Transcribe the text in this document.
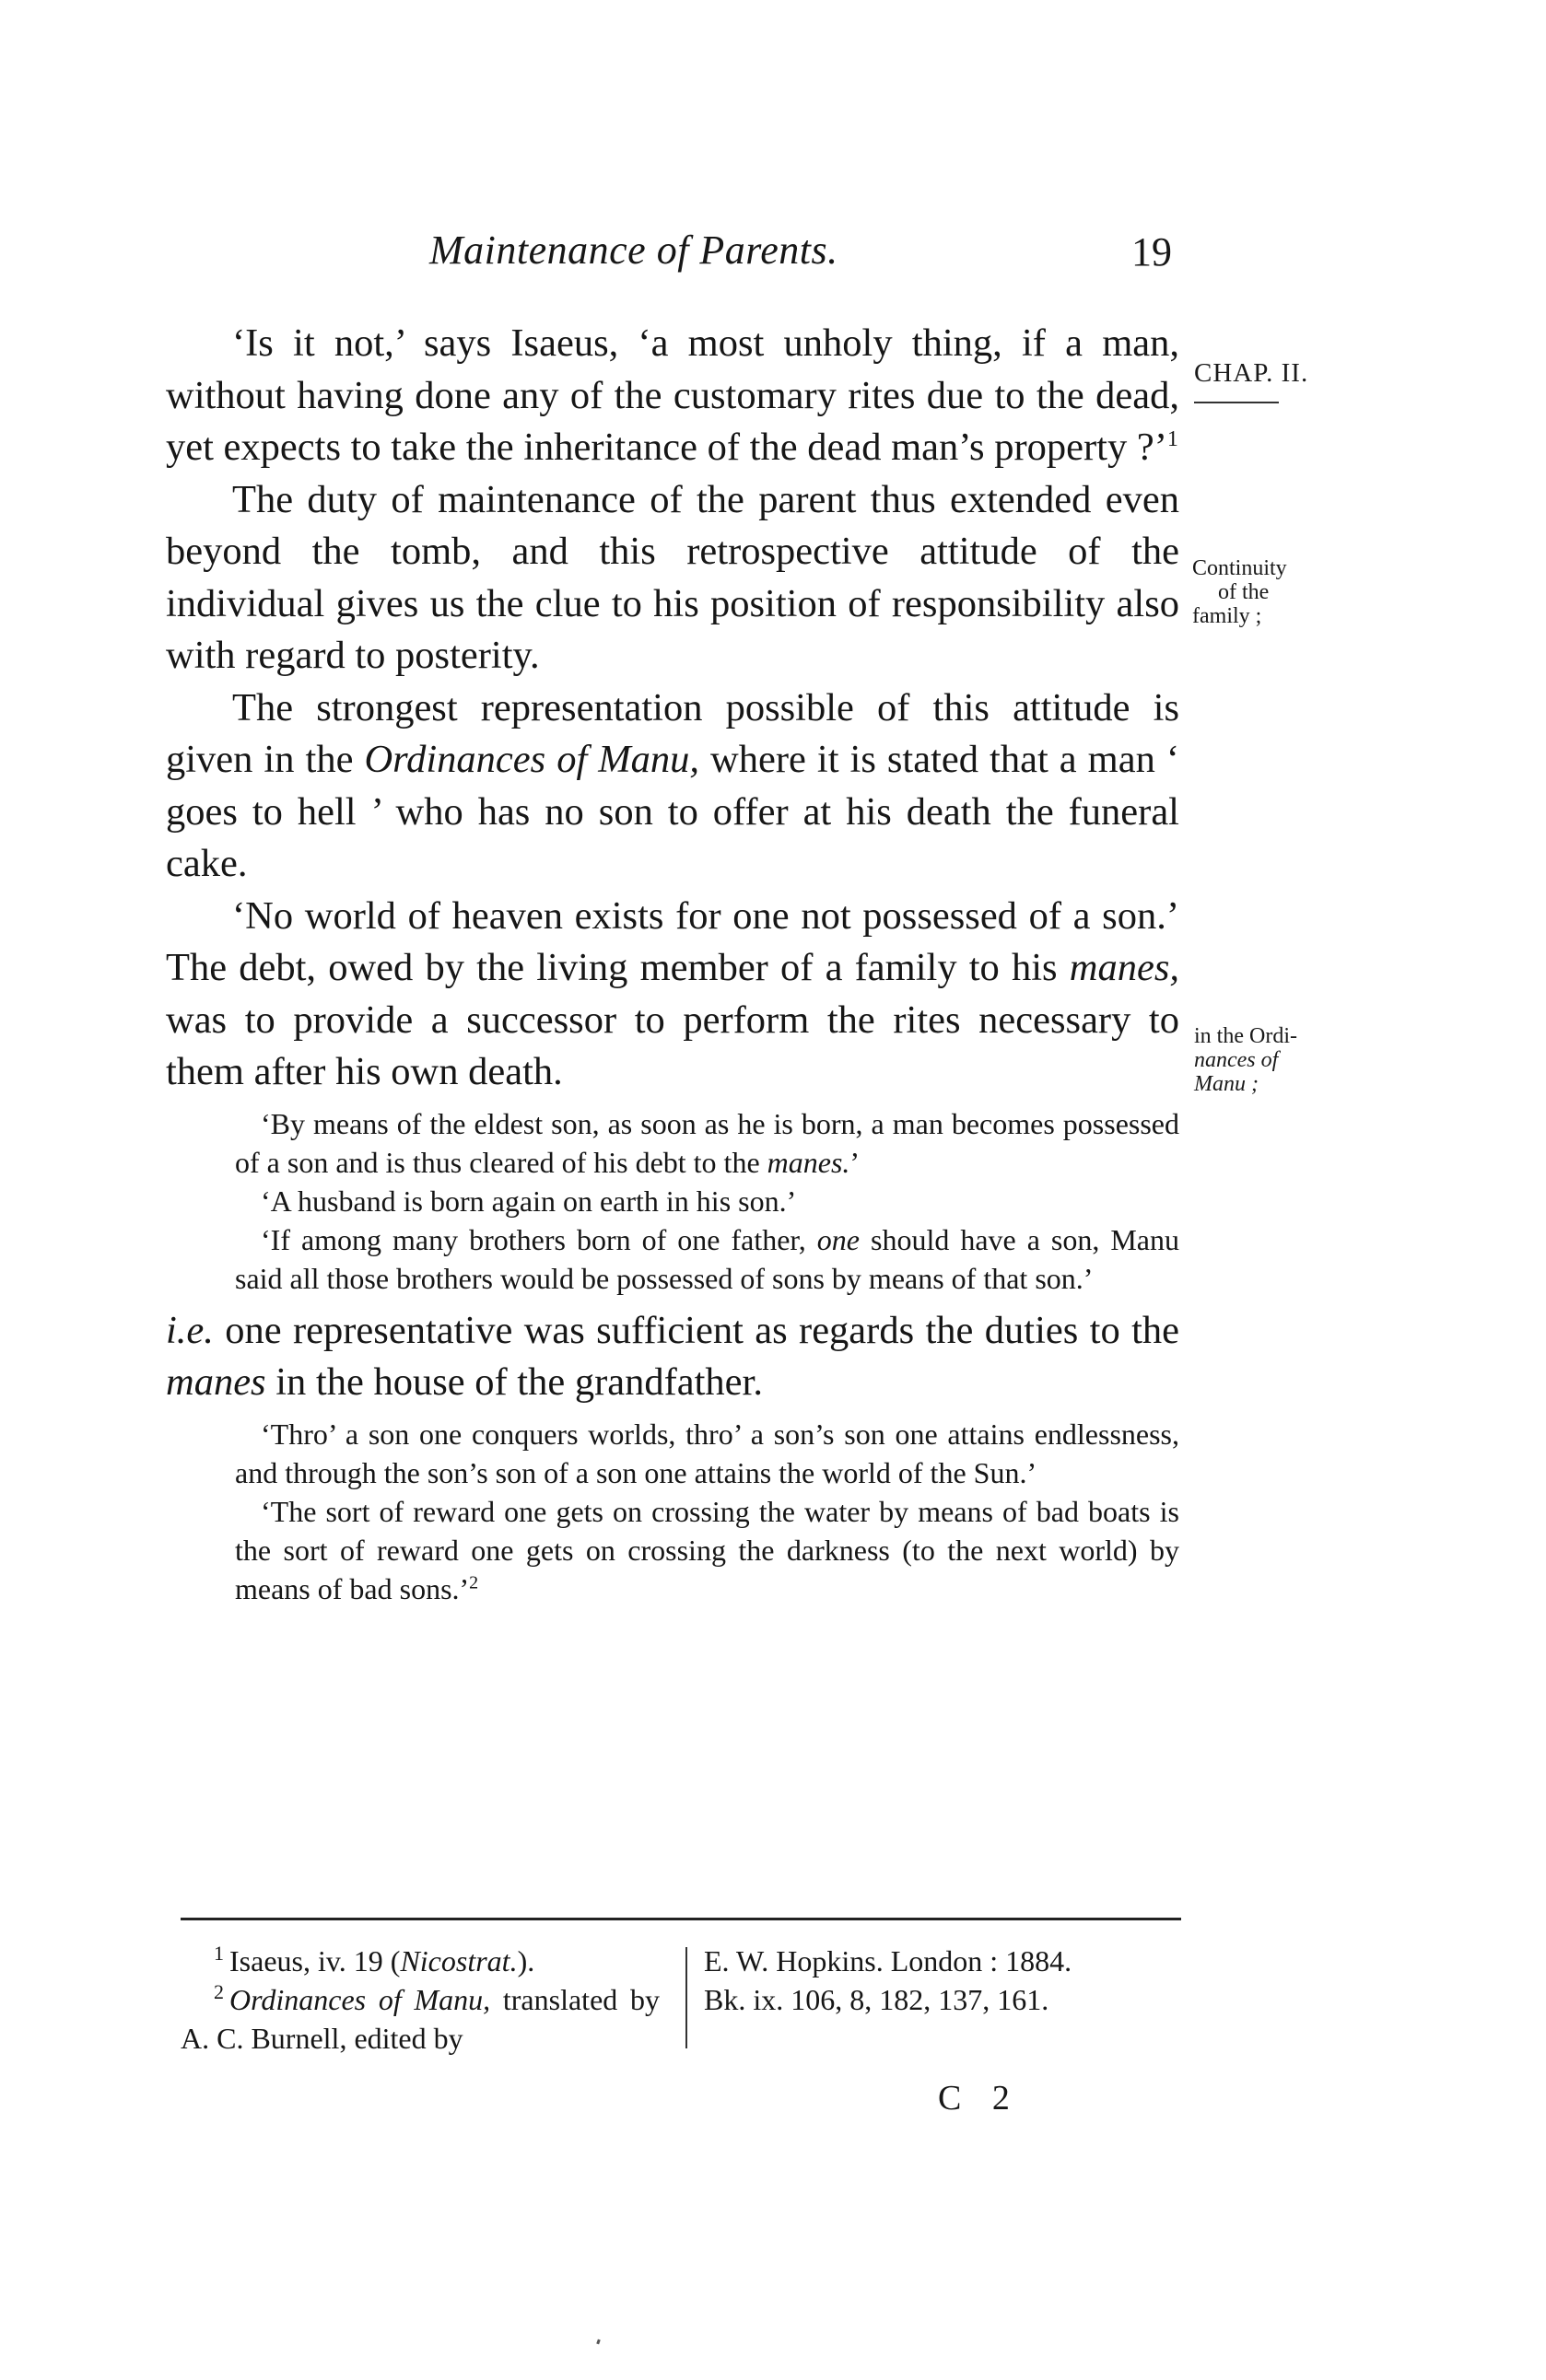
Maintenance of Parents.	19
CHAP. II.
Continuity
of the
family ;
in the Ordi-
nances of
Manu ;

‘Is it not,’ says Isaeus, ‘a most unholy thing, if a man, without having done any of the customary rites due to the dead, yet expects to take the inheritance of the dead man’s property ?’$^1$

The duty of maintenance of the parent thus extended even beyond the tomb, and this retrospective attitude of the individual gives us the clue to his position of responsibility also with regard to posterity.

The strongest representation possible of this attitude is given in the Ordinances of Manu, where it is stated that a man ‘ goes to hell ’ who has no son to offer at his death the funeral cake.

‘No world of heaven exists for one not possessed of a son.’ The debt, owed by the living member of a family to his manes, was to provide a successor to perform the rites necessary to them after his own death.

‘By means of the eldest son, as soon as he is born, a man becomes possessed of a son and is thus cleared of his debt to the manes.’

‘A husband is born again on earth in his son.’

‘If among many brothers born of one father, one should have a son, Manu said all those brothers would be possessed of sons by means of that son.’

i.e. one representative was sufficient as regards the duties to the manes in the house of the grandfather.

‘Thro’ a son one conquers worlds, thro’ a son’s son one attains endlessness, and through the son’s son of a son one attains the world of the Sun.’

‘The sort of reward one gets on crossing the water by means of bad boats is the sort of reward one gets on crossing the darkness (to the next world) by means of bad sons.’$^2$

$^1$ Isaeus, iv. 19 (Nicostrat.).

$^2$ Ordinances of Manu, translated by A. C. Burnell, edited by

E. W. Hopkins. London : 1884.

Bk. ix. 106, 8, 182, 137, 161.

C 2
